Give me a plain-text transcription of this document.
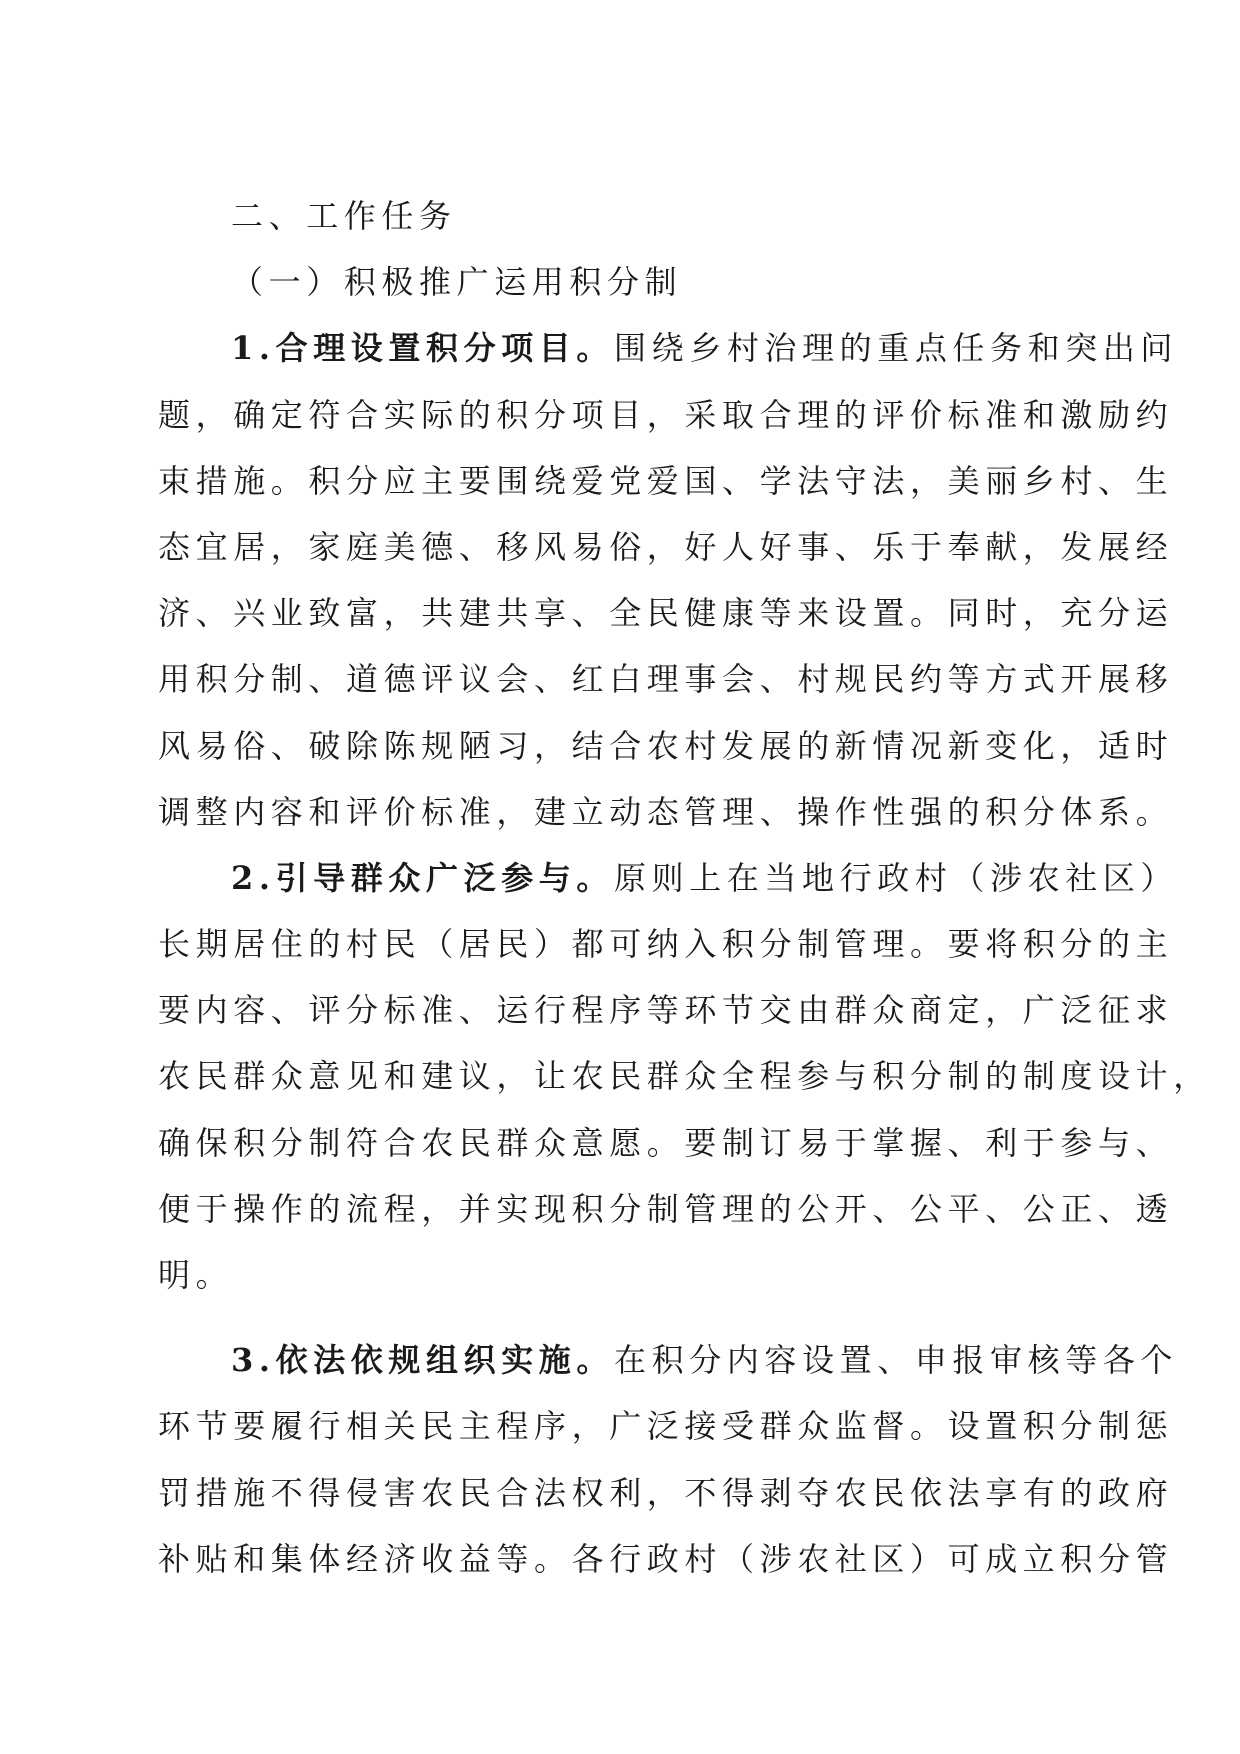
二、工作任务
（一）积极推广运用积分制
1.合理设置积分项目。围绕乡村治理的重点任务和突出问
题，确定符合实际的积分项目，采取合理的评价标准和激励约
束措施。积分应主要围绕爱党爱国、学法守法，美丽乡村、生
态宜居，家庭美德、移风易俗，好人好事、乐于奉献，发展经
济、兴业致富，共建共享、全民健康等来设置。同时，充分运
用积分制、道德评议会、红白理事会、村规民约等方式开展移
风易俗、破除陈规陋习，结合农村发展的新情况新变化，适时
调整内容和评价标准，建立动态管理、操作性强的积分体系。
2.引导群众广泛参与。原则上在当地行政村（涉农社区）
长期居住的村民（居民）都可纳入积分制管理。要将积分的主
要内容、评分标准、运行程序等环节交由群众商定，广泛征求
农民群众意见和建议，让农民群众全程参与积分制的制度设计，
确保积分制符合农民群众意愿。要制订易于掌握、利于参与、
便于操作的流程，并实现积分制管理的公开、公平、公正、透
明。
3.依法依规组织实施。在积分内容设置、申报审核等各个
环节要履行相关民主程序，广泛接受群众监督。设置积分制惩
罚措施不得侵害农民合法权利，不得剥夺农民依法享有的政府
补贴和集体经济收益等。各行政村（涉农社区）可成立积分管
